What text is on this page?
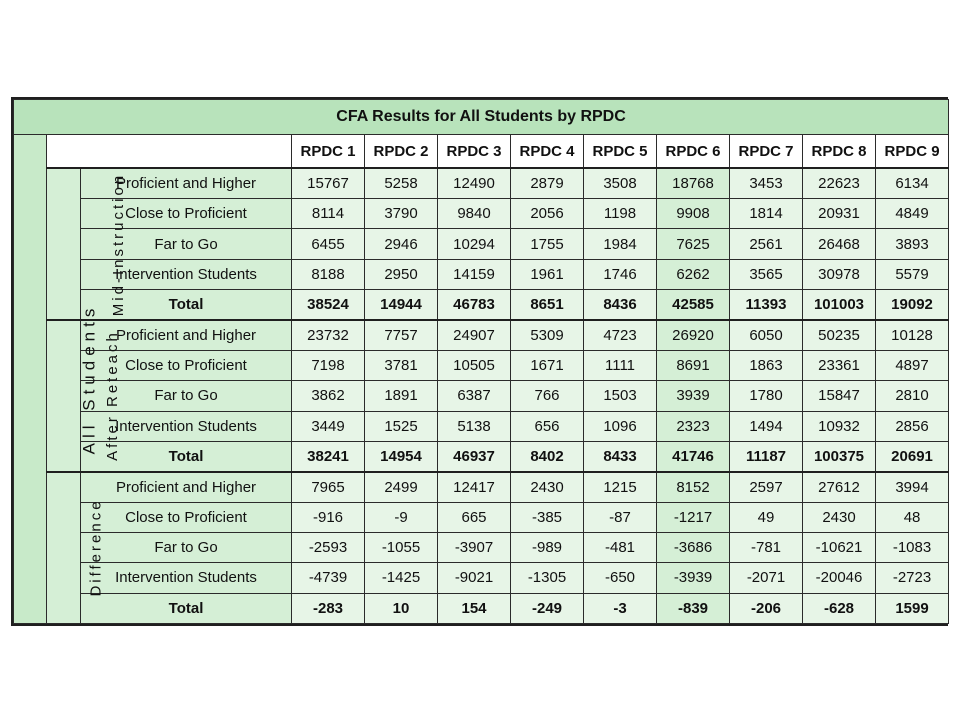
CFA Results for All Students by RPDC											
All Students			RPDC 1	RPDC 2	RPDC 3	RPDC 4	RPDC 5	RPDC 6	RPDC 7	RPDC 8	RPDC 9
	Mid-Instruction	Proficient and Higher	15767	5258	12490	2879	3508	18768	3453	22623	6134
		Close to Proficient	8114	3790	9840	2056	1198	9908	1814	20931	4849
		Far to Go	6455	2946	10294	1755	1984	7625	2561	26468	3893
		Intervention Students	8188	2950	14159	1961	1746	6262	3565	30978	5579
		Total	38524	14944	46783	8651	8436	42585	11393	101003	19092
	After Reteach	Proficient and Higher	23732	7757	24907	5309	4723	26920	6050	50235	10128
		Close to Proficient	7198	3781	10505	1671	1111	8691	1863	23361	4897
		Far to Go	3862	1891	6387	766	1503	3939	1780	15847	2810
		Intervention Students	3449	1525	5138	656	1096	2323	1494	10932	2856
		Total	38241	14954	46937	8402	8433	41746	11187	100375	20691
	Difference	Proficient and Higher	7965	2499	12417	2430	1215	8152	2597	27612	3994
		Close to Proficient	-916	-9	665	-385	-87	-1217	49	2430	48
		Far to Go	-2593	-1055	-3907	-989	-481	-3686	-781	-10621	-1083
		Intervention Students	-4739	-1425	-9021	-1305	-650	-3939	-2071	-20046	-2723
		Total	-283	10	154	-249	-3	-839	-206	-628	1599
